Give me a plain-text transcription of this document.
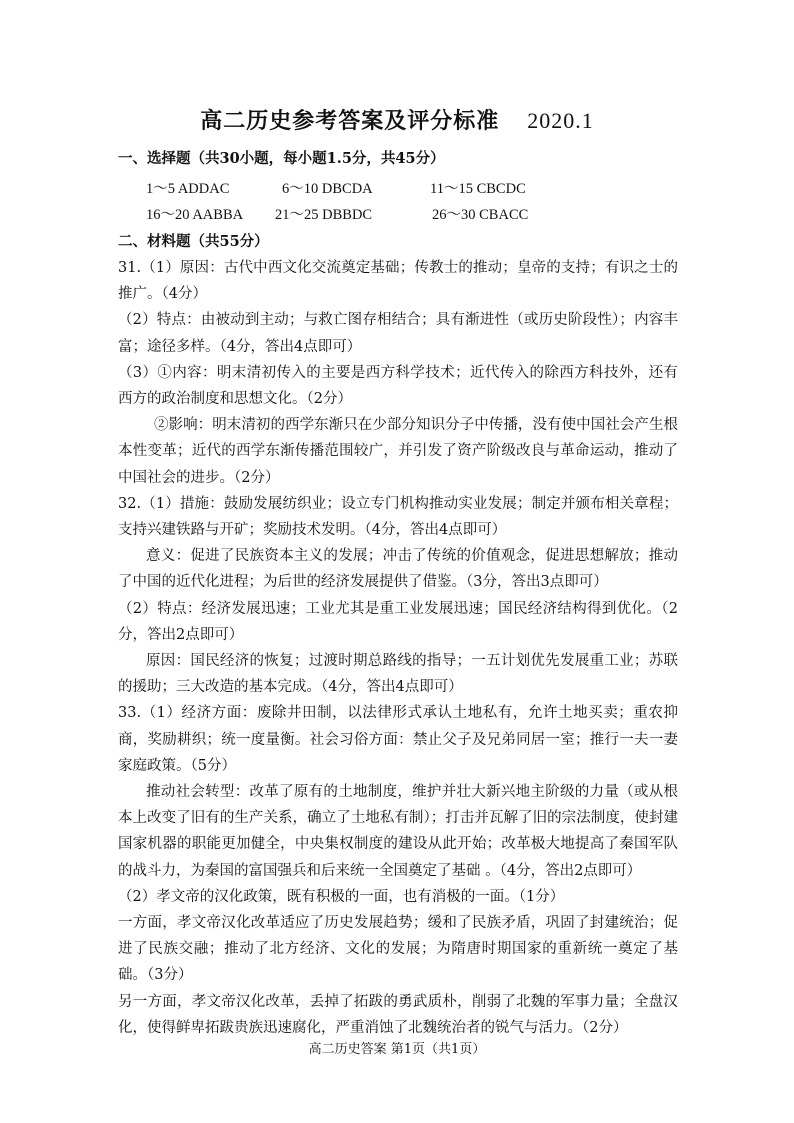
高二历史参考答案及评分标准 2020.1
一、选择题（共30小题，每小题1.5分，共45分）
1～5 ADDAC	6～10 DBCDA	11～15 CBCDC
16～20 AABBA 21～25 DBBDC	26～30 CBACC
二、材料题（共55分）

31.（1）原因：古代中西文化交流奠定基础；传教士的推动；皇帝的支持；有识之士的推广。（4分）

（2）特点：由被动到主动；与救亡图存相结合；具有渐进性（或历史阶段性）；内容丰富；途径多样。（4分，答出4点即可）

（3）①内容：明末清初传入的主要是西方科学技术；近代传入的除西方科技外，还有西方的政治制度和思想文化。（2分）

②影响：明末清初的西学东渐只在少部分知识分子中传播，没有使中国社会产生根本性变革；近代的西学东渐传播范围较广，并引发了资产阶级改良与革命运动，推动了中国社会的进步。（2分）

32.（1）措施：鼓励发展纺织业；设立专门机构推动实业发展；制定并颁布相关章程；支持兴建铁路与开矿；奖励技术发明。（4分，答出4点即可）

意义：促进了民族资本主义的发展；冲击了传统的价值观念，促进思想解放；推动了中国的近代化进程；为后世的经济发展提供了借鉴。（3分，答出3点即可）

（2）特点：经济发展迅速；工业尤其是重工业发展迅速；国民经济结构得到优化。（2分，答出2点即可）

原因：国民经济的恢复；过渡时期总路线的指导；一五计划优先发展重工业；苏联的援助；三大改造的基本完成。（4分，答出4点即可）

33.（1）经济方面：废除井田制，以法律形式承认土地私有，允许土地买卖；重农抑商，奖励耕织；统一度量衡。社会习俗方面：禁止父子及兄弟同居一室；推行一夫一妻家庭政策。（5分）

推动社会转型：改革了原有的土地制度，维护并壮大新兴地主阶级的力量（或从根本上改变了旧有的生产关系，确立了土地私有制）；打击并瓦解了旧的宗法制度，使封建国家机器的职能更加健全，中央集权制度的建设从此开始；改革极大地提高了秦国军队的战斗力，为秦国的富国强兵和后来统一全国奠定了基础 。（4分，答出2点即可）

（2）孝文帝的汉化政策，既有积极的一面，也有消极的一面。（1分）

一方面，孝文帝汉化改革适应了历史发展趋势；缓和了民族矛盾，巩固了封建统治；促进了民族交融；推动了北方经济、文化的发展；为隋唐时期国家的重新统一奠定了基础。（3分）

另一方面，孝文帝汉化改革，丢掉了拓跋的勇武质朴，削弱了北魏的军事力量；全盘汉化，使得鲜卑拓跋贵族迅速腐化，严重消蚀了北魏统治者的锐气与活力。（2分）

高二历史答案 第1页（共1页）
